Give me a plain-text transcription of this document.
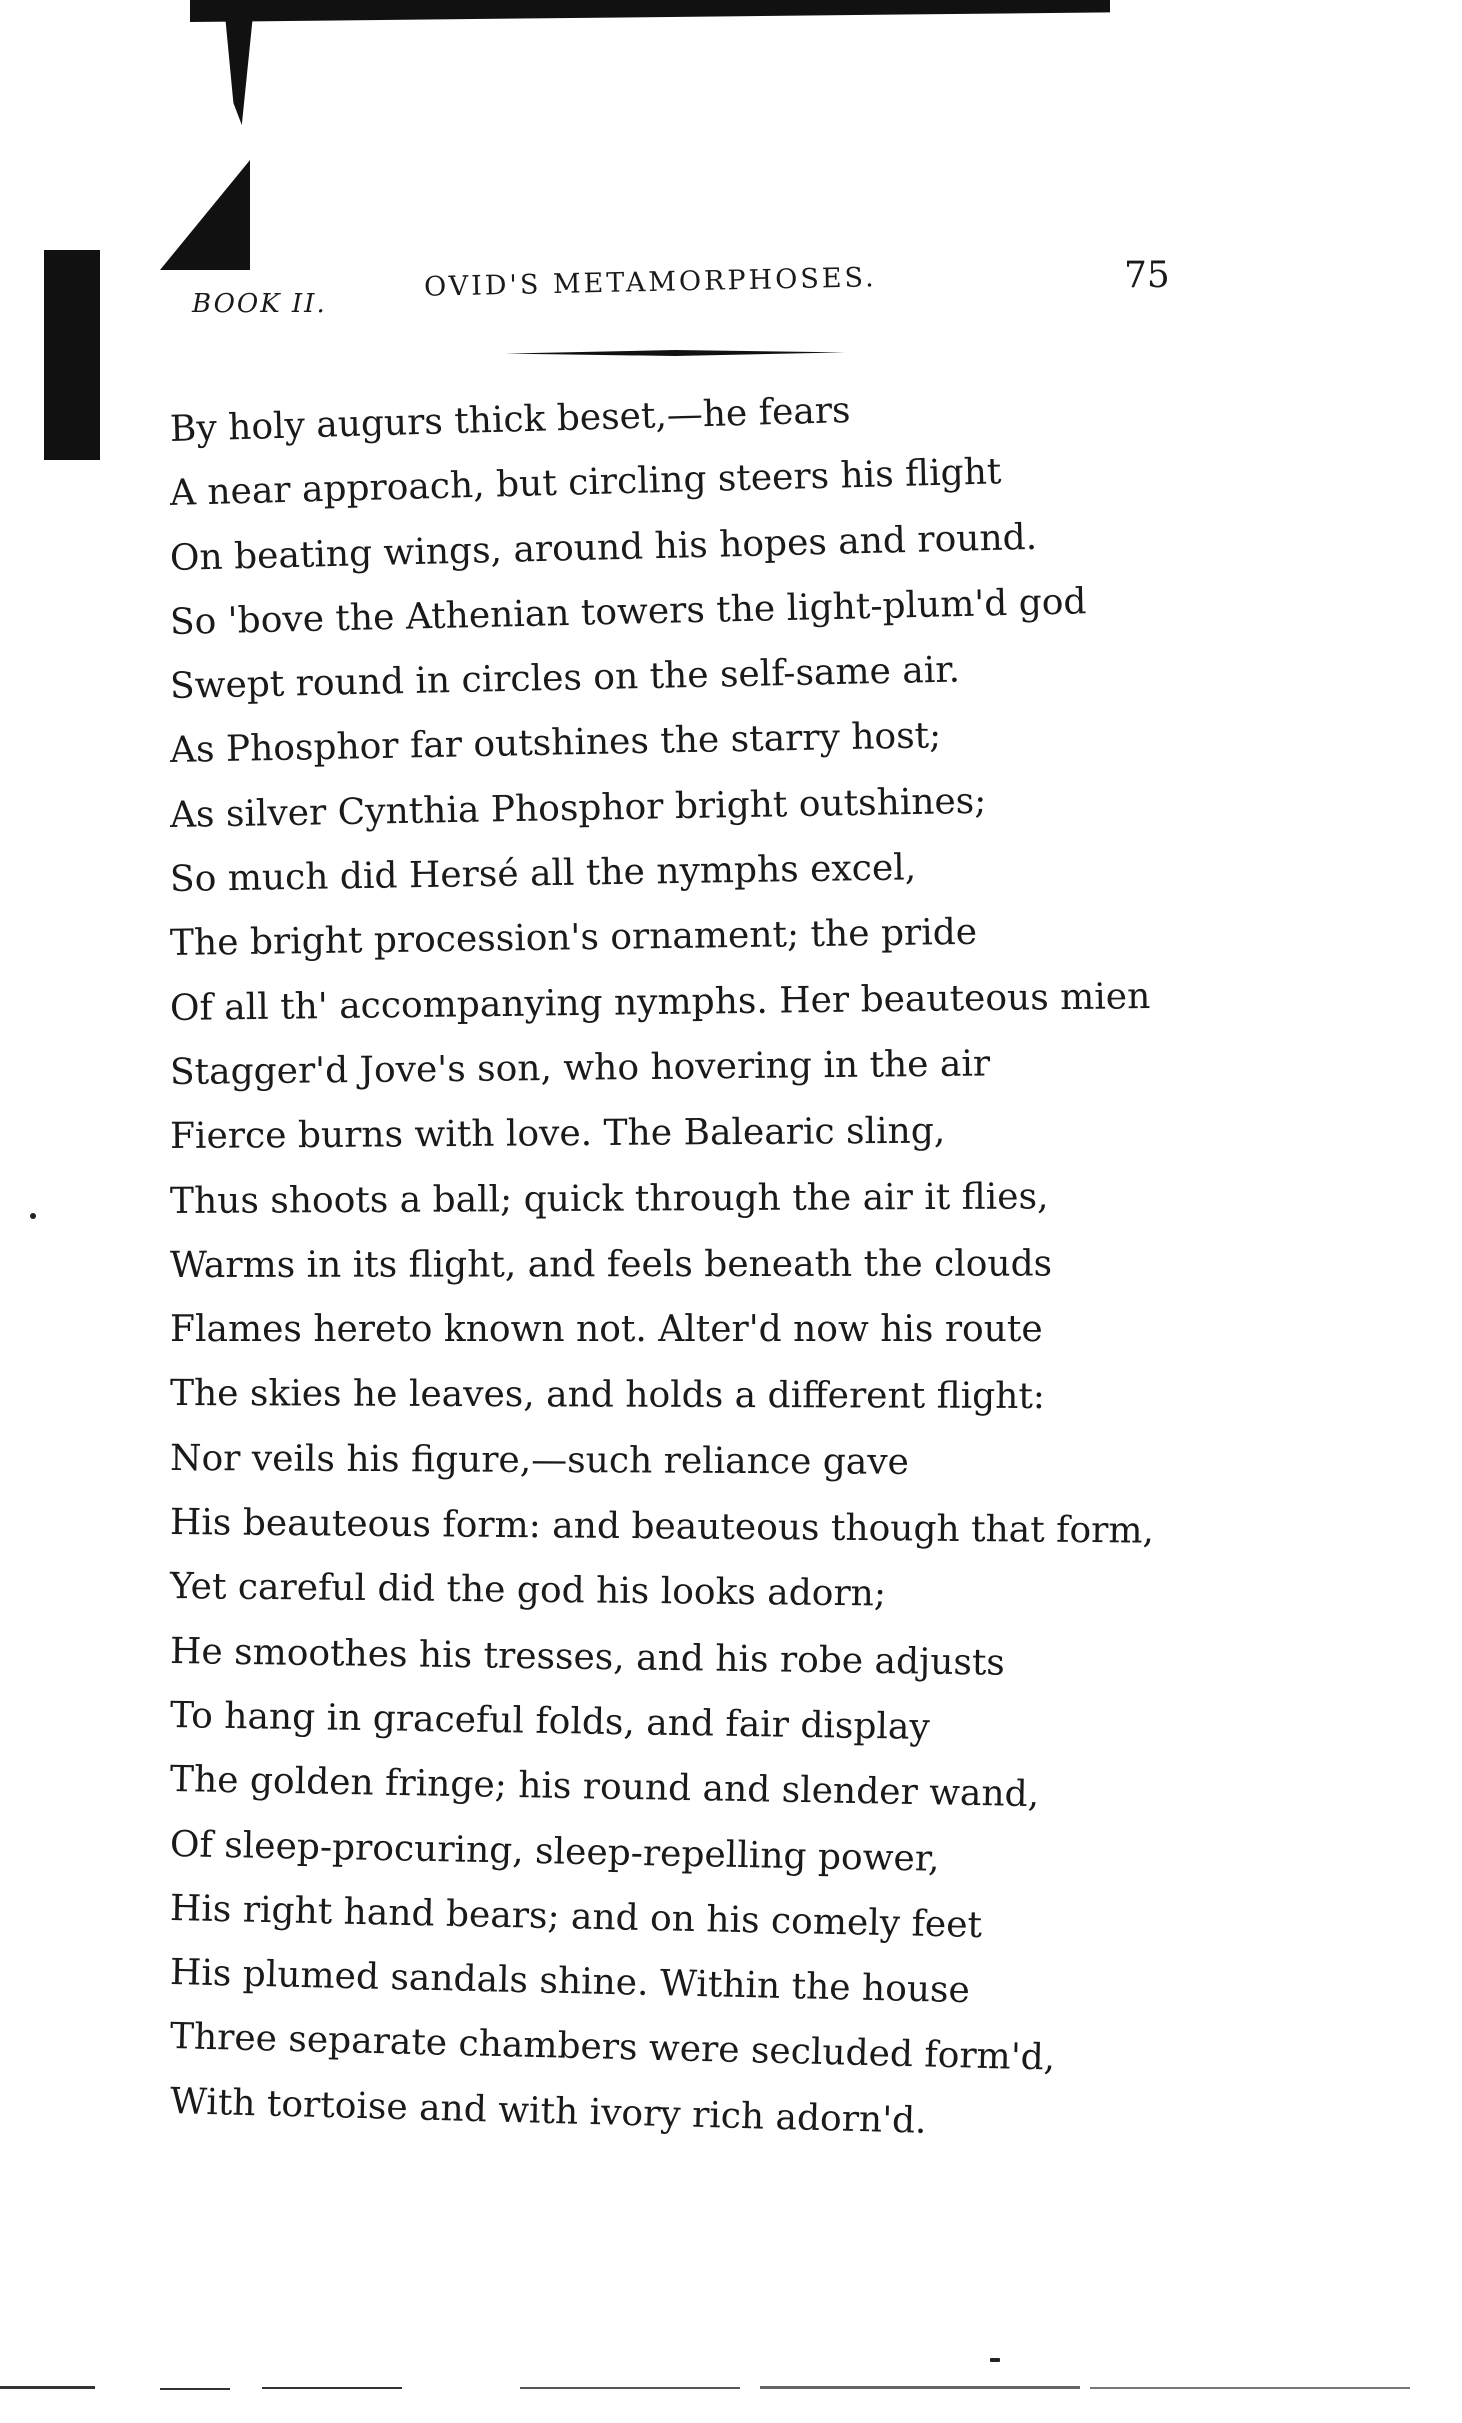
BOOK II.
OVID'S METAMORPHOSES.	75
By holy augurs thick beset,—he fears
A near approach, but circling steers his flight
On beating wings, around his hopes and round.
So 'bove the Athenian towers the light-plum'd god
Swept round in circles on the self-same air.
As Phosphor far outshines the starry host;
As silver Cynthia Phosphor bright outshines;
So much did Hersé all the nymphs excel,
The bright procession's ornament; the pride
Of all th' accompanying nymphs. Her beauteous mien
Stagger'd Jove's son, who hovering in the air
Fierce burns with love. The Balearic sling,
Thus shoots a ball; quick through the air it flies,
Warms in its flight, and feels beneath the clouds
Flames hereto known not. Alter'd now his route
The skies he leaves, and holds a different flight:
Nor veils his figure,—such reliance gave
His beauteous form: and beauteous though that form,
Yet careful did the god his looks adorn;
He smoothes his tresses, and his robe adjusts
To hang in graceful folds, and fair display
The golden fringe; his round and slender wand,
Of sleep-procuring, sleep-repelling power,
His right hand bears; and on his comely feet
His plumed sandals shine. Within the house
Three separate chambers were secluded form'd,
With tortoise and with ivory rich adorn'd.
